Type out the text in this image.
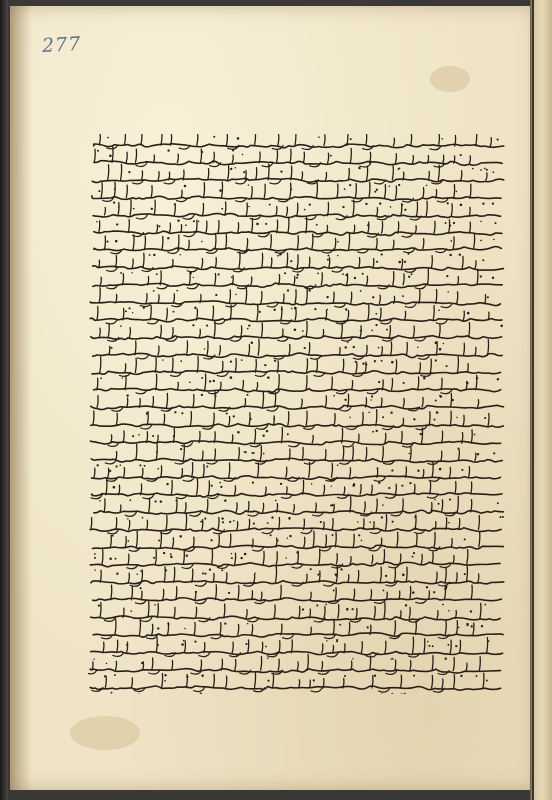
277
